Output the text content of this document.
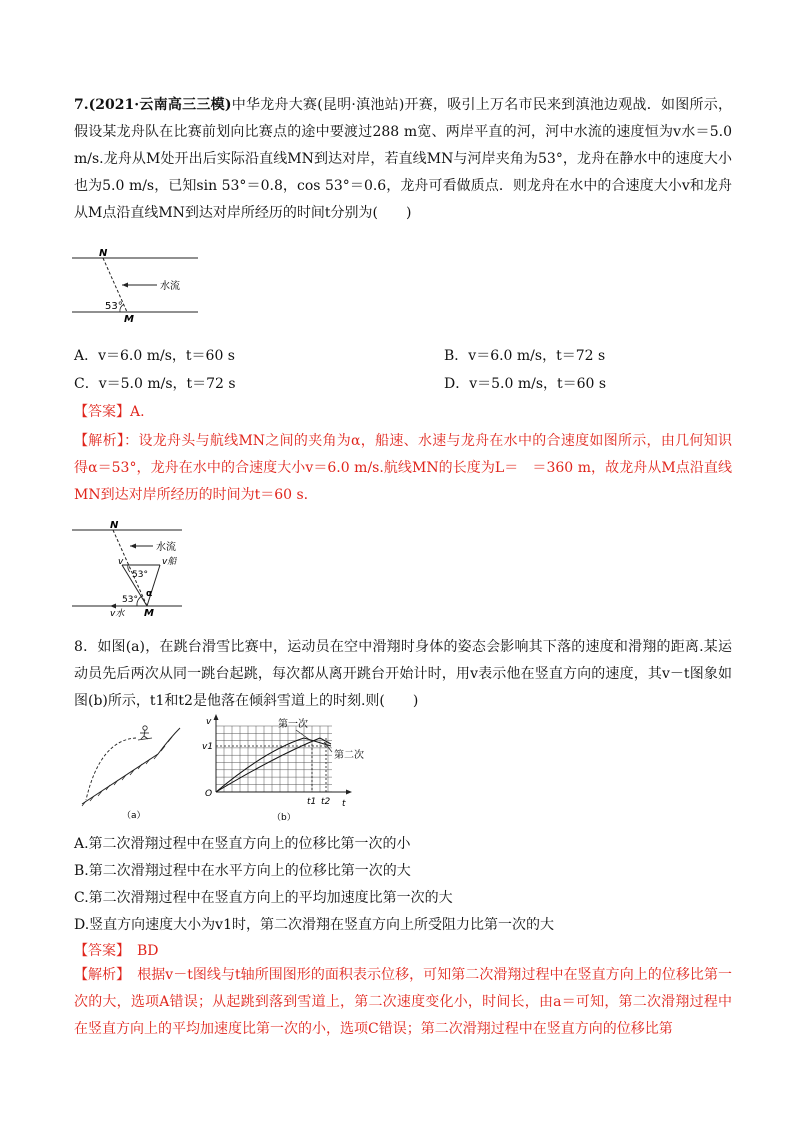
7.(2021·云南高三三模)中华龙舟大赛(昆明·滇池站)开赛，吸引上万名市民来到滇池边观战．如图所示，假设某龙舟队在比赛前划向比赛点的途中要渡过288 m宽、两岸平直的河，河中水流的速度恒为v水＝5.0 m/s.龙舟从M处开出后实际沿直线MN到达对岸，若直线MN与河岸夹角为53°，龙舟在静水中的速度大小也为5.0 m/s，已知sin 53°＝0.8，cos 53°＝0.6，龙舟可看做质点．则龙舟在水中的合速度大小v和龙舟从M点沿直线MN到达对岸所经历的时间t分别为(　　)

N
M
53°
水流
A．v＝6.0 m/s，t＝60 s	B．v＝6.0 m/s，t＝72 s
C．v＝5.0 m/s，t＝72 s	D．v＝5.0 m/s，t＝60 s
【答案】A.

【解析】：设龙舟头与航线MN之间的夹角为α，船速、水速与龙舟在水中的合速度如图所示，由几何知识得α＝53°，龙舟在水中的合速度大小v＝6.0 m/s.航线MN的长度为L＝　＝360 m，故龙舟从M点沿直线MN到达对岸所经历的时间为t＝60 s.

N
M
水流
53°
53°
α
v	v船
v水

8．如图(a)，在跳台滑雪比赛中，运动员在空中滑翔时身体的姿态会影响其下落的速度和滑翔的距离.某运动员先后两次从同一跳台起跳，每次都从离开跳台开始计时，用v表示他在竖直方向的速度，其v－t图象如图(b)所示，t1和t2是他落在倾斜雪道上的时刻.则(　　)

（a）
v
v1
O
t
t1 t2
第一次
第二次
（b）
A.第二次滑翔过程中在竖直方向上的位移比第一次的小
B.第二次滑翔过程中在水平方向上的位移比第一次的大
C.第二次滑翔过程中在竖直方向上的平均加速度比第一次的大
D.竖直方向速度大小为v1时，第二次滑翔在竖直方向上所受阻力比第一次的大
【答案】　BD

【解析】　根据v－t图线与t轴所围图形的面积表示位移，可知第二次滑翔过程中在竖直方向上的位移比第一次的大，选项A错误；从起跳到落到雪道上，第二次速度变化小，时间长，由a＝可知，第二次滑翔过程中在竖直方向上的平均加速度比第一次的小，选项C错误；第二次滑翔过程中在竖直方向的位移比第
